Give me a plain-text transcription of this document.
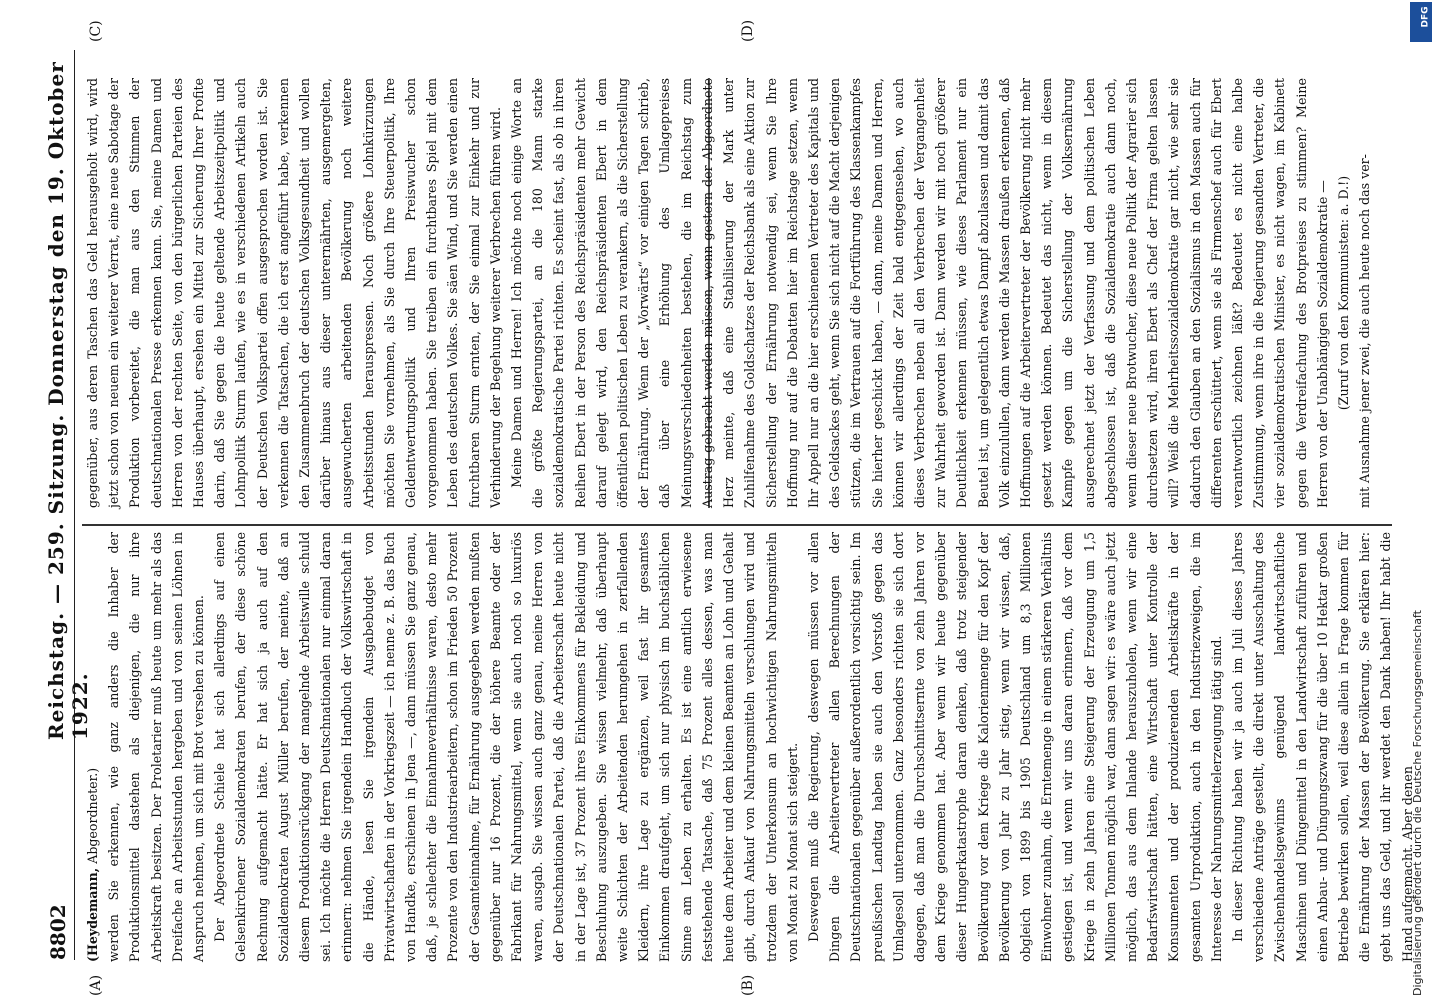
8802
Reichstag. — 259. Sitzung. Donnerstag den 19. Oktober 1922.
(A)	(B)
(C)	(D)
(Heydemann, Abgeordneter.) werden Sie erkennen, wie ganz anders die Inhaber der Produktionsmittel dastehen als diejenigen, die nur ihre Arbeitskraft besitzen. Der Proletarier muß heute um mehr als das Dreifache an Arbeitsstunden hergeben und von seinen Löhnen in Anspruch nehmen, um sich mit Brot versehen zu können. Der Abgeordnete Schiele hat sich allerdings auf einen Gelsenkirchener Sozialdemokraten berufen, der diese schöne Rechnung aufgemacht hätte. Er hat sich ja auch auf den Sozialdemokraten August Müller berufen, der meinte, daß an diesem Produktionsrückgang der mangelnde Arbeitswille schuld sei. Ich möchte die Herren Deutschnationalen nur einmal daran erinnern: nehmen Sie irgendein Handbuch der Volkswirtschaft in die Hände, lesen Sie irgendein Ausgabebudget von Privatwirtschaften in der Vorkriegszeit — ich nenne z. B. das Buch von Handke, erschienen in Jena —, dann müssen Sie ganz genau, daß, je schlechter die Einnahmeverhältnisse waren, desto mehr Prozente von den Industriearbeitern, schon im Frieden 50 Prozent der Gesamteinnahme, für Ernährung ausgegeben werden mußten gegenüber nur 16 Prozent, die der höhere Beamte oder der Fabrikant für Nahrungsmittel, wenn sie auch noch so luxuriös waren, ausgab. Sie wissen auch ganz genau, meine Herren von der Deutschnationalen Partei, daß die Arbeiterschaft heute nicht in der Lage ist, 37 Prozent ihres Einkommens für Bekleidung und Beschuhung auszugeben. Sie wissen vielmehr, daß überhaupt weite Schichten der Arbeitenden herumgehen in zerfallenden Kleidern, ihre Lage zu ergänzen, weil fast ihr gesamtes Einkommen draufgeht, um sich nur physisch im buchstäblichen Sinne am Leben zu erhalten. Es ist eine amtlich erwiesene feststehende Tatsache, daß 75 Prozent alles dessen, was man heute dem Arbeiter und dem kleinen Beamten an Lohn und Gehalt gibt, durch Ankauf von Nahrungsmitteln verschlungen wird und trotzdem der Unterkonsum an hochwichtigen Nahrungsmitteln von Monat zu Monat sich steigert. Deswegen muß die Regierung, deswegen müssen vor allen Dingen die Arbeitervertreter allen Berechnungen der Deutschnationalen gegenüber außerordentlich vorsichtig sein. Im preußischen Landtag haben sie auch den Vorstoß gegen das Umlagesoll unternommen. Ganz besonders richten sie sich dort dagegen, daß man die Durchschnittsernte von zehn Jahren vor dem Kriege genommen hat. Aber wenn wir heute gegenüber dieser Hungerkatastrophe daran denken, daß trotz steigender Bevölkerung vor dem Kriege die Kalorienmenge für den Kopf der Bevölkerung von Jahr zu Jahr stieg, wenn wir wissen, daß, obgleich von 1899 bis 1905 Deutschland um 8,3 Millionen Einwohner zunahm, die Erntemenge in einem stärkeren Verhältnis gestiegen ist, und wenn wir uns daran erinnern, daß vor dem Kriege in zehn Jahren eine Steigerung der Erzeugung um 1,5 Millionen Tonnen möglich war, dann sagen wir: es wäre auch jetzt möglich, das aus dem Inlande herauszuholen, wenn wir eine Bedarfswirtschaft hätten, eine Wirtschaft unter Kontrolle der Konsumenten und der produzierenden Arbeitskräfte in der gesamten Urproduktion, auch in den Industriezweigen, die im Interesse der Nahrungsmittelerzeugung tätig sind. In dieser Richtung haben wir ja auch im Juli dieses Jahres verschiedene Anträge gestellt, die direkt unter Ausschaltung des Zwischenhandelsgewinns genügend landwirtschaftliche Maschinen und Düngemittel in den Landwirtschaft zuführen und einen Anbau- und Düngungszwang für die über 10 Hektar großen Betriebe bewirken sollen, weil diese allein in Frage kommen für die Ernährung der Massen der Bevölkerung. Sie erklären hier: gebt uns das Geld, und ihr werdet den Dank haben! Ihr habt die Hand aufgemacht. Aber denen
gegenüber, aus deren Taschen das Geld herausgeholt wird, wird jetzt schon von neuem ein weiterer Verrat, eine neue Sabotage der Produktion vorbereitet, die man aus den Stimmen der deutschnationalen Presse erkennen kann. Sie, meine Damen und Herren von der rechten Seite, von den bürgerlichen Parteien des Hauses überhaupt, ersehen ein Mittel zur Sicherung Ihrer Profite darin, daß Sie gegen die heute geltende Arbeitszeitpolitik und Lohnpolitik Sturm laufen, wie es in verschiedenen Artikeln auch der Deutschen Volkspartei offen ausgesprochen worden ist. Sie verkennen die Tatsachen, die ich erst angeführt habe, verkennen den Zusammenbruch der deutschen Volksgesundheit und wollen darüber hinaus aus dieser unterernährten, ausgemergelten, ausgewucherten arbeitenden Bevölkerung noch weitere Arbeitsstunden herauspressen. Noch größere Lohnkürzungen möchten Sie vornehmen, als Sie durch Ihre Steuerpolitik, Ihre Geldentwertungspolitik und Ihren Preiswucher schon vorgenommen haben. Sie treiben ein furchtbares Spiel mit dem Leben des deutschen Volkes. Sie säen Wind, und Sie werden einen furchtbaren Sturm ernten, der Sie einmal zur Einkehr und zur Verhinderung der Begehung weiterer Verbrechen führen wird. Meine Damen und Herren! Ich möchte noch einige Worte an die größte Regierungspartei, an die 180 Mann starke sozialdemokratische Partei richten. Es scheint fast, als ob in ihren Reihen Ebert in der Person des Reichspräsidenten mehr Gewicht darauf gelegt wird, den Reichspräsidenten Ebert in dem öffentlichen politischen Leben zu verankern, als die Sicherstellung der Ernährung. Wenn der „Vorwärts“ vor einigen Tagen schrieb, daß über eine Erhöhung des Umlagepreises Meinungsverschiedenheiten bestehen, die im Reichstag zum Austrag gebracht werden müssen, wenn gestern der Abgeordnete Herz meinte, daß eine Stabilisierung der Mark unter Zuhilfenahme des Goldschatzes der Reichsbank als eine Aktion zur Sicherstellung der Ernährung notwendig sei, wenn Sie Ihre Hoffnung nur auf die Debatten hier im Reichstage setzen, wenn Ihr Appell nur an die hier erschienenen Vertreter des Kapitals und des Geldsackes geht, wenn Sie sich nicht auf die Macht derjenigen stützen, die im Vertrauen auf die Fortführung des Klassenkampfes Sie hierher geschickt haben, — dann, meine Damen und Herren, können wir allerdings der Zeit bald entgegensehen, wo auch dieses Verbrechen neben all den Verbrechen der Vergangenheit zur Wahrheit geworden ist. Dann werden wir mit noch größerer Deutlichkeit erkennen müssen, wie dieses Parlament nur ein Beutel ist, um gelegentlich etwas Dampf abzulassen und damit das Volk einzulullen, dann werden die Massen draußen erkennen, daß Hoffnungen auf die Arbeitervertreter der Bevölkerung nicht mehr gesetzt werden können. Bedeutet das nicht, wenn in diesem Kampfe gegen um die Sicherstellung der Volksernährung ausgerechnet jetzt der Verfassung und dem politischen Leben abgeschlossen ist, daß die Sozialdemokratie auch dann noch, wenn dieser neue Brotwucher, diese neue Politik der Agrarier sich durchsetzen wird, ihren Ebert als Chef der Firma gelten lassen will? Weiß die Mehrheitssozialdemokratie gar nicht, wie sehr sie dadurch den Glauben an den Sozialismus in den Massen auch für differenten erschüttert, wenn sie als Firmenschef auch für Ebert verantwortlich zeichnen läßt? Bedeutet es nicht eine halbe Zustimmung, wenn ihre in die Regierung gesandten Vertreter, die vier sozialdemokratischen Minister, es nicht wagen, im Kabinett gegen die Verdreifachung des Brotpreises zu stimmen? Meine Herren von der Unabhängigen Sozialdemokratie — (Zuruf von den Kommunisten: a. D.!) mit Ausnahme jener zwei, die auch heute noch das ver-
Digitalisierung gefördert durch die Deutsche Forschungsgemeinschaft
DFG
